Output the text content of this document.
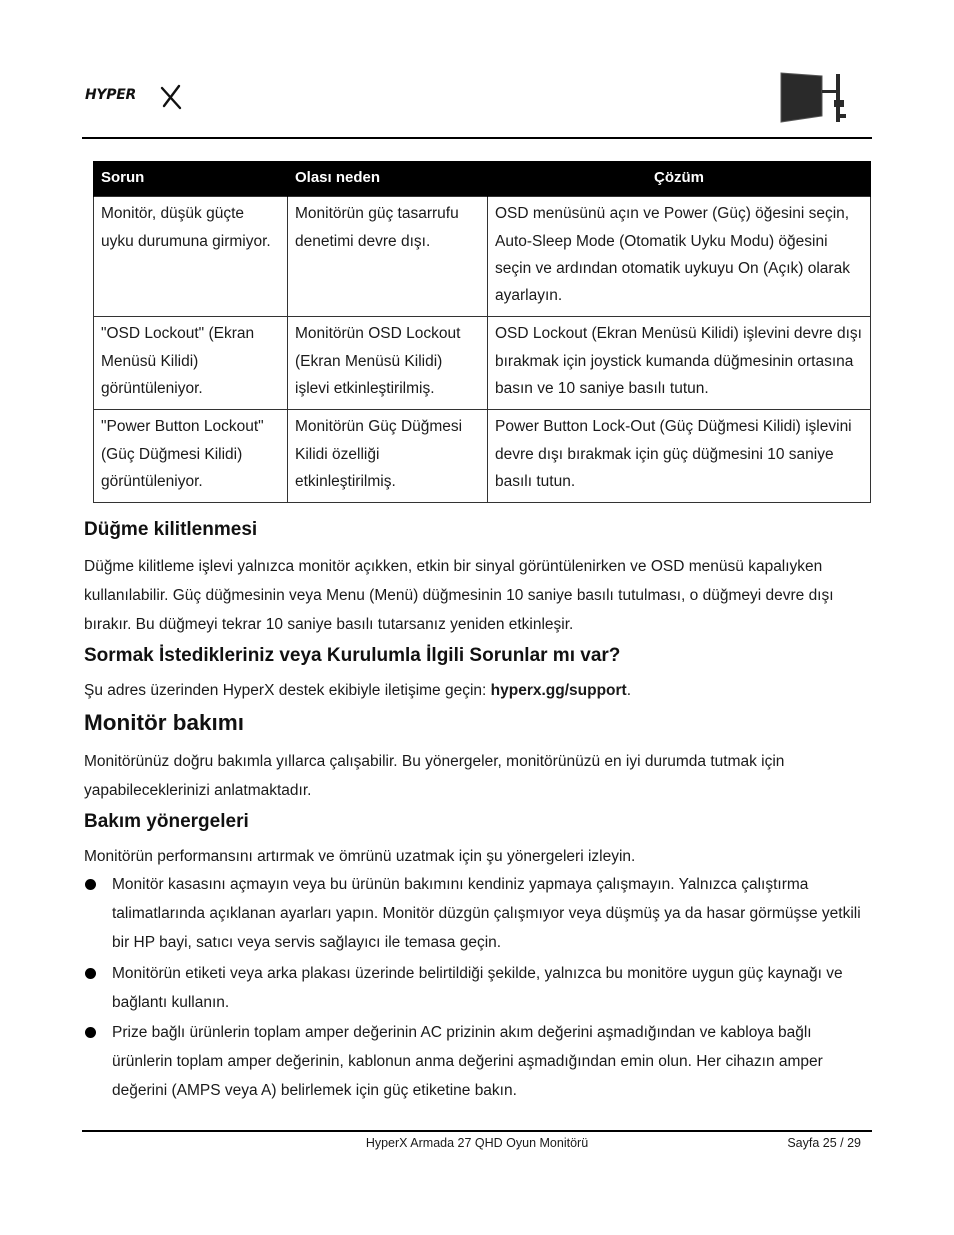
HYPER
Sorun	Olası neden	Çözüm
Monitör, düşük güçte uyku durumuna girmiyor.	Monitörün güç tasarrufu denetimi devre dışı.	OSD menüsünü açın ve Power (Güç) öğesini seçin, Auto-Sleep Mode (Otomatik Uyku Modu) öğesini seçin ve ardından otomatik uykuyu On (Açık) olarak ayarlayın.
"OSD Lockout" (Ekran Menüsü Kilidi) görüntüleniyor.	Monitörün OSD Lockout (Ekran Menüsü Kilidi) işlevi etkinleştirilmiş.	OSD Lockout (Ekran Menüsü Kilidi) işlevini devre dışı bırakmak için joystick kumanda düğmesinin ortasına basın ve 10 saniye basılı tutun.
"Power Button Lockout" (Güç Düğmesi Kilidi) görüntüleniyor.	Monitörün Güç Düğmesi Kilidi özelliği etkinleştirilmiş.	Power Button Lock-Out (Güç Düğmesi Kilidi) işlevini devre dışı bırakmak için güç düğmesini 10 saniye basılı tutun.
Düğme kilitlenmesi

Düğme kilitleme işlevi yalnızca monitör açıkken, etkin bir sinyal görüntülenirken ve OSD menüsü kapalıyken kullanılabilir. Güç düğmesinin veya Menu (Menü) düğmesinin 10 saniye basılı tutulması, o düğmeyi devre dışı bırakır. Bu düğmeyi tekrar 10 saniye basılı tutarsanız yeniden etkinleşir.

Sormak İstedikleriniz veya Kurulumla İlgili Sorunlar mı var?

Şu adres üzerinden HyperX destek ekibiyle iletişime geçin: hyperx.gg/support.

Monitör bakımı

Monitörünüz doğru bakımla yıllarca çalışabilir. Bu yönergeler, monitörünüzü en iyi durumda tutmak için yapabileceklerinizi anlatmaktadır.

Bakım yönergeleri

Monitörün performansını artırmak ve ömrünü uzatmak için şu yönergeleri izleyin.

Monitör kasasını açmayın veya bu ürünün bakımını kendiniz yapmaya çalışmayın. Yalnızca çalıştırma talimatlarında açıklanan ayarları yapın. Monitör düzgün çalışmıyor veya düşmüş ya da hasar görmüşse yetkili bir HP bayi, satıcı veya servis sağlayıcı ile temasa geçin.
Monitörün etiketi veya arka plakası üzerinde belirtildiği şekilde, yalnızca bu monitöre uygun güç kaynağı ve bağlantı kullanın.
Prize bağlı ürünlerin toplam amper değerinin AC prizinin akım değerini aşmadığından ve kabloya bağlı ürünlerin toplam amper değerinin, kablonun anma değerini aşmadığından emin olun. Her cihazın amper değerini (AMPS veya A) belirlemek için güç etiketine bakın.
HyperX Armada 27 QHD Oyun Monitörü	Sayfa 25 / 29
